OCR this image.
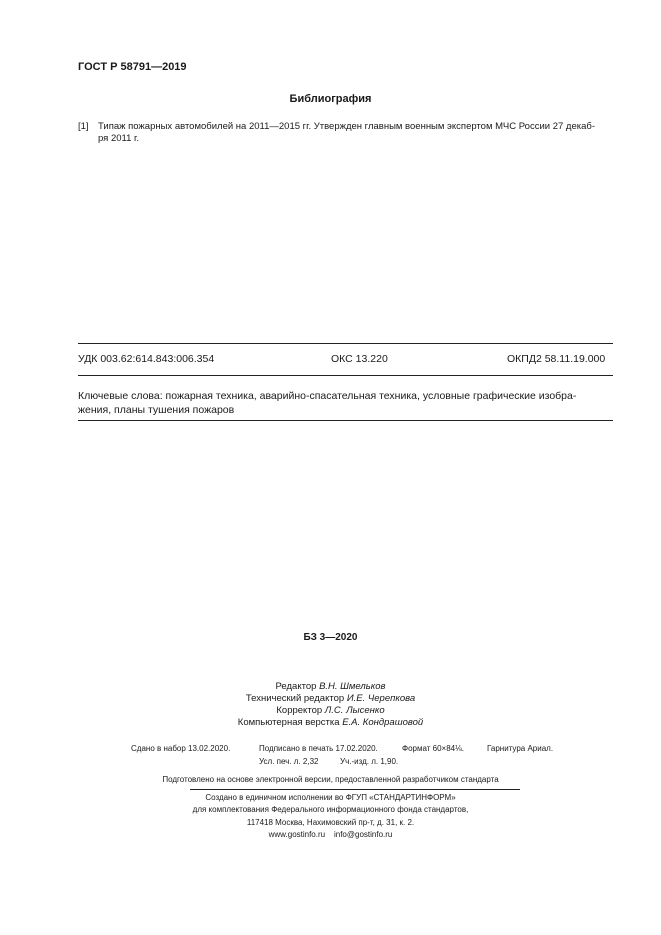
ГОСТ Р 58791—2019
Библиография
[1] Типаж пожарных автомобилей на 2011—2015 гг. Утвержден главным военным экспертом МЧС России 27 декаб-
ря 2011 г.
УДК 003.62:614.843:006.354	ОКС 13.220	ОКПД2 58.11.19.000
Ключевые слова: пожарная техника, аварийно-спасательная техника, условные графические изобра-
жения, планы тушения пожаров
БЗ 3—2020
Редактор В.Н. Шмельков
Технический редактор И.Е. Черепкова
Корректор Л.С. Лысенко
Компьютерная верстка Е.А. Кондрашовой
Сдано в набор 13.02.2020.	Подписано в печать 17.02.2020.	Формат 60×84⅛.	Гарнитура Ариал.
Усл. печ. л. 2,32	Уч.-изд. л. 1,90.
Подготовлено на основе электронной версии, предоставленной разработчиком стандарта
Создано в единичном исполнении во ФГУП «СТАНДАРТИНФОРМ»
для комплектования Федерального информационного фонда стандартов,
117418 Москва, Нахимовский пр-т, д. 31, к. 2.
www.gostinfo.ru info@gostinfo.ru
